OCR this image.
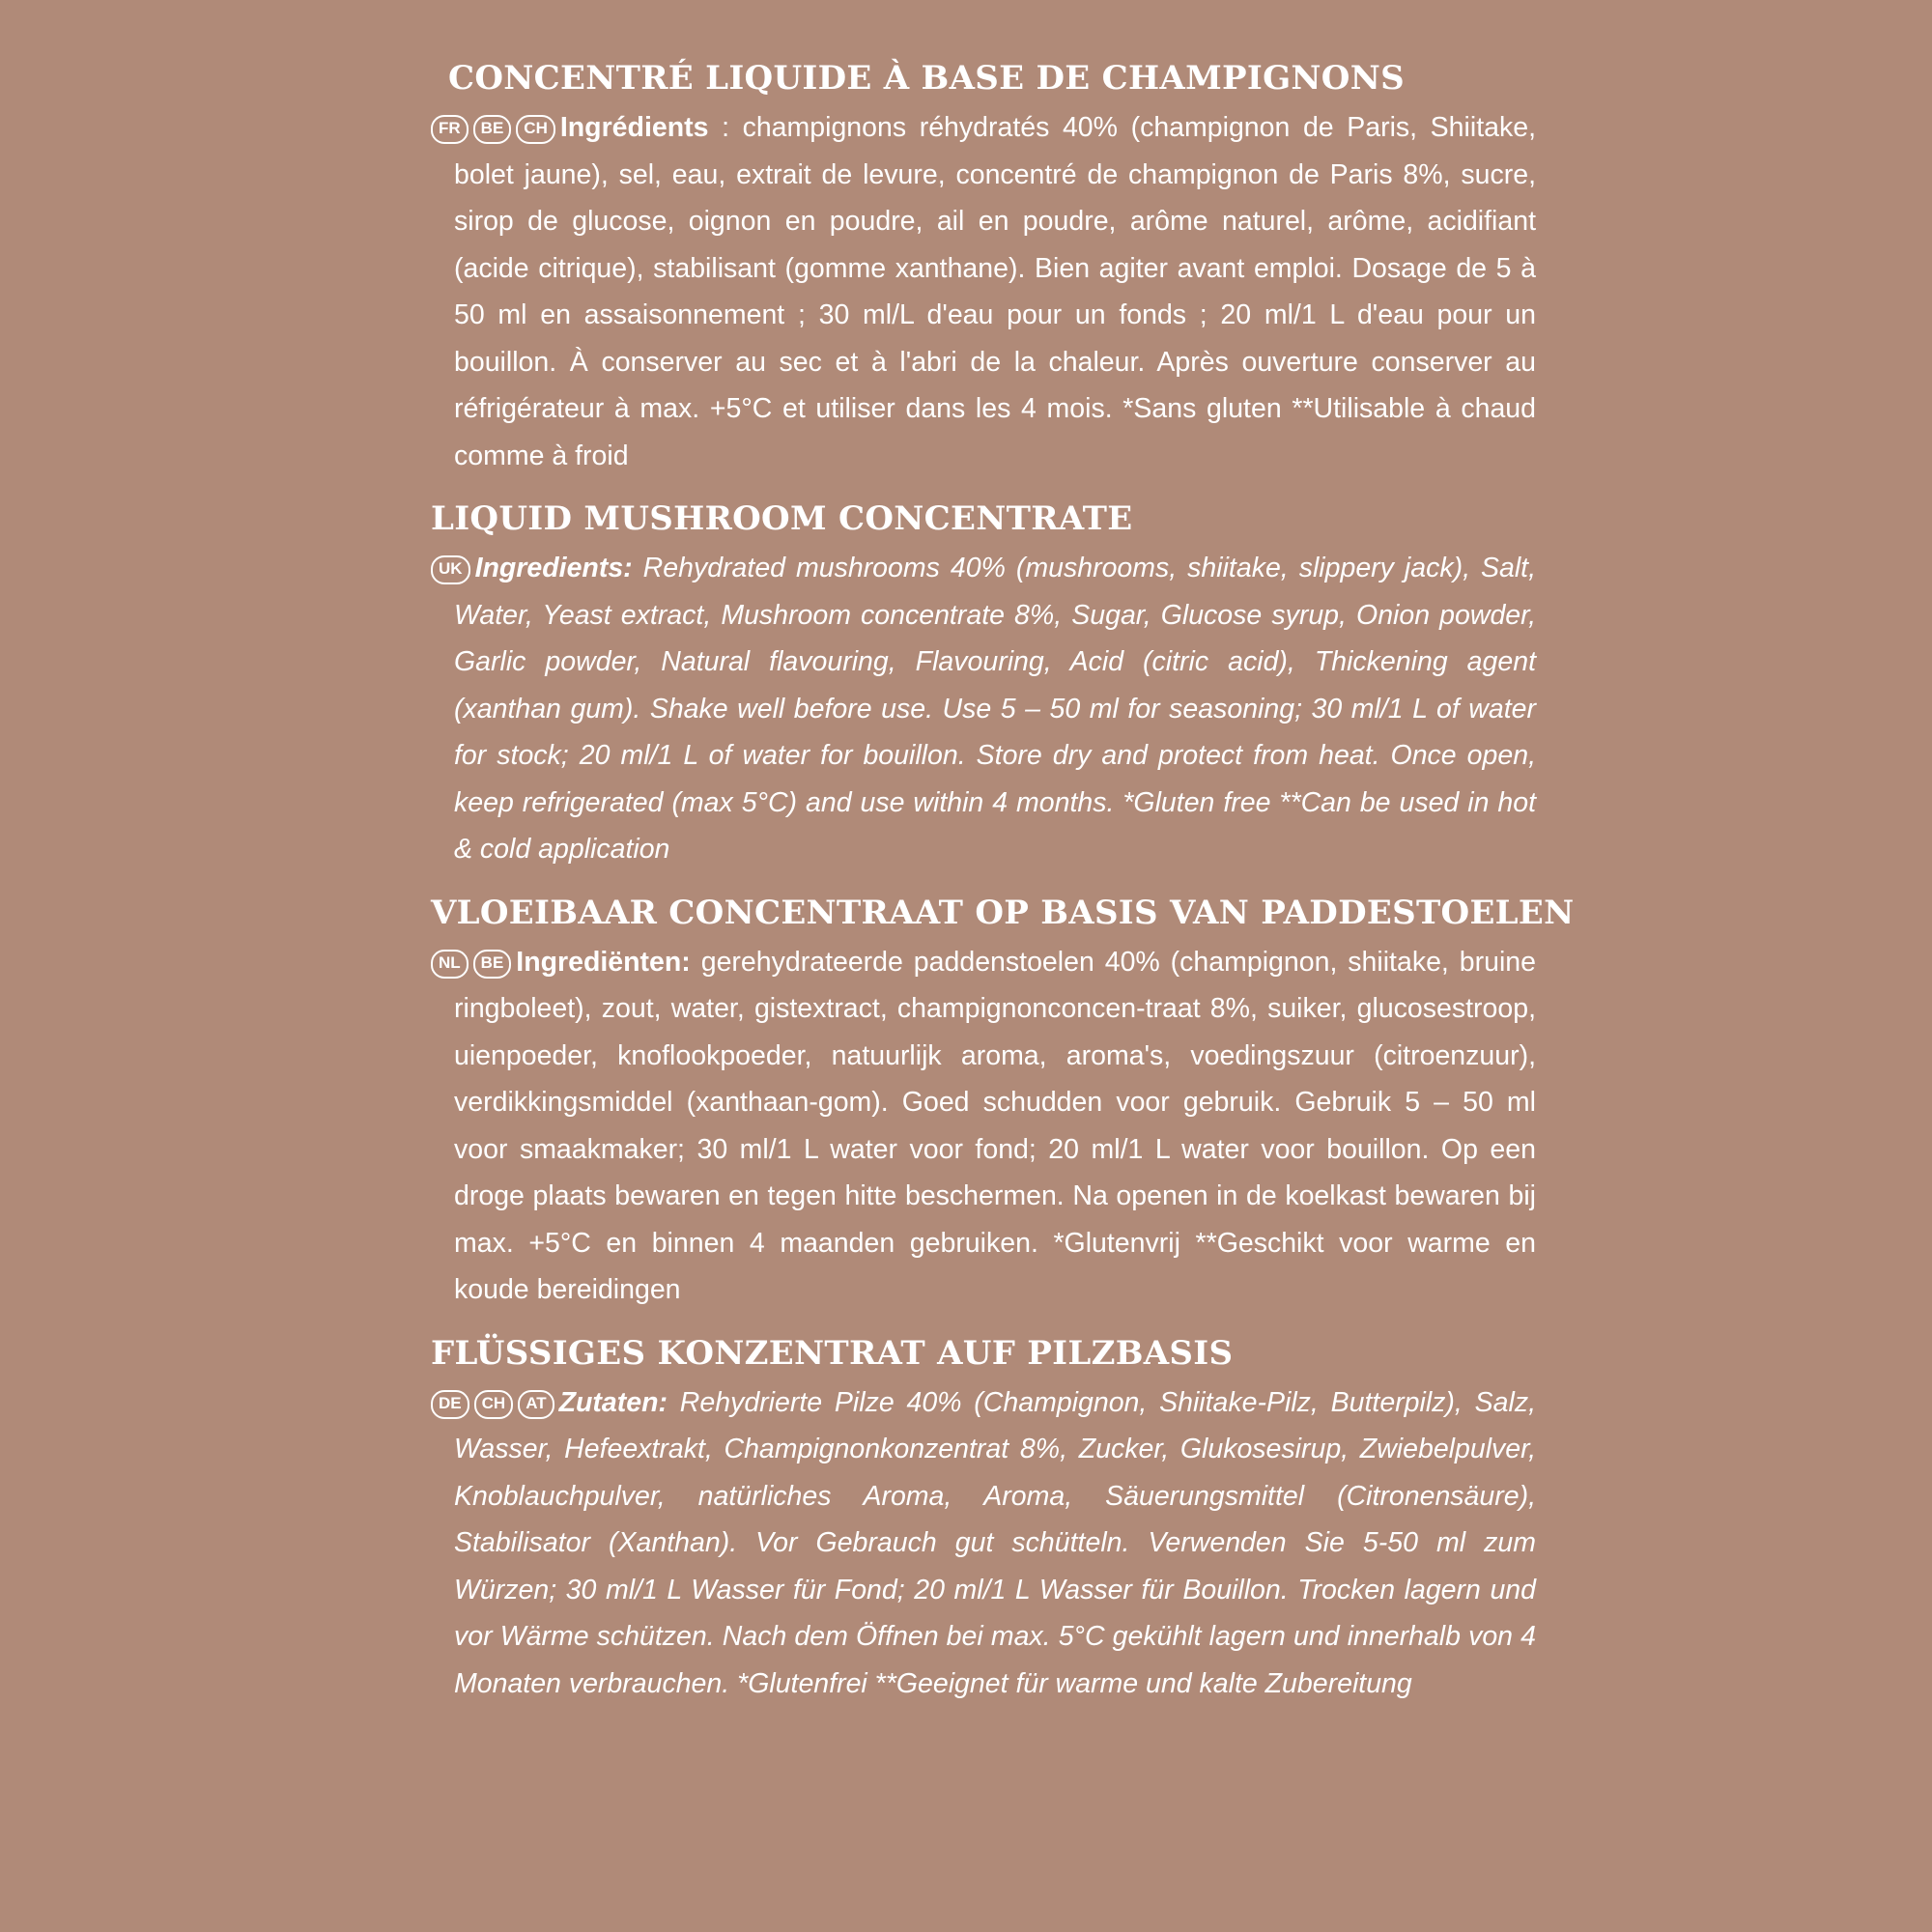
CONCENTRÉ LIQUIDE À BASE DE CHAMPIGNONS

FR BE CH Ingrédients : champignons réhydratés 40% (champignon de Paris, Shiitake, bolet jaune), sel, eau, extrait de levure, concentré de champignon de Paris 8%, sucre, sirop de glucose, oignon en poudre, ail en poudre, arôme naturel, arôme, acidifiant (acide citrique), stabilisant (gomme xanthane). Bien agiter avant emploi. Dosage de 5 à 50 ml en assaisonnement ; 30 ml/L d'eau pour un fonds ; 20 ml/1 L d'eau pour un bouillon. À conserver au sec et à l'abri de la chaleur. Après ouverture conserver au réfrigérateur à max. +5°C et utiliser dans les 4 mois. *Sans gluten **Utilisable à chaud comme à froid

LIQUID MUSHROOM CONCENTRATE

UK Ingredients: Rehydrated mushrooms 40% (mushrooms, shiitake, slippery jack), Salt, Water, Yeast extract, Mushroom concentrate 8%, Sugar, Glucose syrup, Onion powder, Garlic powder, Natural flavouring, Flavouring, Acid (citric acid), Thickening agent (xanthan gum). Shake well before use. Use 5 – 50 ml for seasoning; 30 ml/1 L of water for stock; 20 ml/1 L of water for bouillon. Store dry and protect from heat. Once open, keep refrigerated (max 5°C) and use within 4 months. *Gluten free **Can be used in hot & cold application

VLOEIBAAR CONCENTRAAT OP BASIS VAN PADDESTOELEN

NL BE Ingrediënten: gerehydrateerde paddenstoelen 40% (champignon, shiitake, bruine ringboleet), zout, water, gistextract, champignonconcen-traat 8%, suiker, glucosestroop, uienpoeder, knoflookpoeder, natuurlijk aroma, aroma's, voedingszuur (citroenzuur), verdikkingsmiddel (xanthaan-gom). Goed schudden voor gebruik. Gebruik 5 – 50 ml voor smaakmaker; 30 ml/1 L water voor fond; 20 ml/1 L water voor bouillon. Op een droge plaats bewaren en tegen hitte beschermen. Na openen in de koelkast bewaren bij max. +5°C en binnen 4 maanden gebruiken. *Glutenvrij **Geschikt voor warme en koude bereidingen

FLÜSSIGES KONZENTRAT AUF PILZBASIS

DE CH AT Zutaten: Rehydrierte Pilze 40% (Champignon, Shiitake-Pilz, Butterpilz), Salz, Wasser, Hefeextrakt, Champignonkonzentrat 8%, Zucker, Glukosesirup, Zwiebelpulver, Knoblauchpulver, natürliches Aroma, Aroma, Säuerungsmittel (Citronensäure), Stabilisator (Xanthan). Vor Gebrauch gut schütteln. Verwenden Sie 5-50 ml zum Würzen; 30 ml/1 L Wasser für Fond; 20 ml/1 L Wasser für Bouillon. Trocken lagern und vor Wärme schützen. Nach dem Öffnen bei max. 5°C gekühlt lagern und innerhalb von 4 Monaten verbrauchen. *Glutenfrei **Geeignet für warme und kalte Zubereitung
